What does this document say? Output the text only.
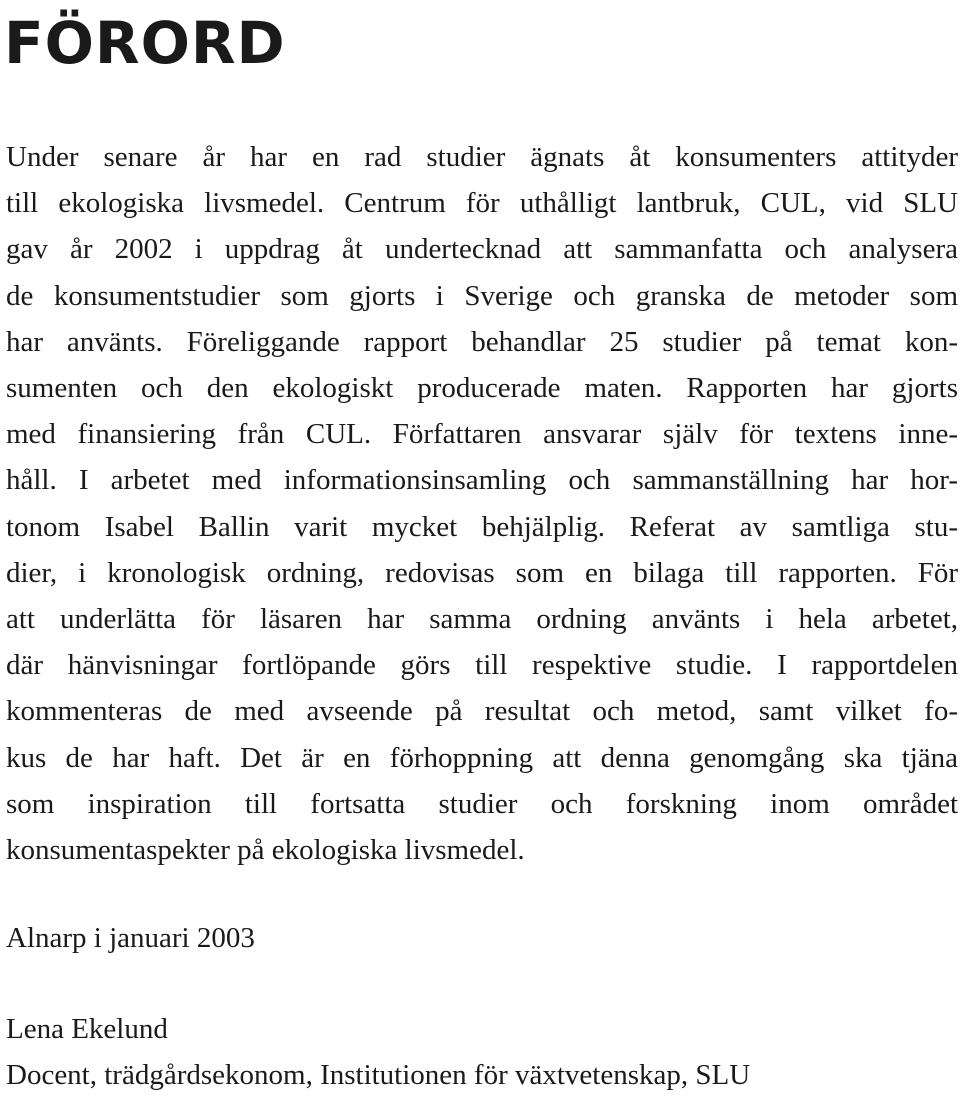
FÖRORD

Under senare år har en rad studier ägnats åt konsumenters attityder
till ekologiska livsmedel. Centrum för uthålligt lantbruk, CUL, vid SLU
gav år 2002 i uppdrag åt undertecknad att sammanfatta och analysera
de konsumentstudier som gjorts i Sverige och granska de metoder som
har använts. Föreliggande rapport behandlar 25 studier på temat kon-
sumenten och den ekologiskt producerade maten. Rapporten har gjorts
med finansiering från CUL. Författaren ansvarar själv för textens inne-
håll. I arbetet med informationsinsamling och sammanställning har hor-
tonom Isabel Ballin varit mycket behjälplig. Referat av samtliga stu-
dier, i kronologisk ordning, redovisas som en bilaga till rapporten. För
att underlätta för läsaren har samma ordning använts i hela arbetet,
där hänvisningar fortlöpande görs till respektive studie. I rapportdelen
kommenteras de med avseende på resultat och metod, samt vilket fo-
kus de har haft. Det är en förhoppning att denna genomgång ska tjäna
som inspiration till fortsatta studier och forskning inom området
konsumentaspekter på ekologiska livsmedel.

Alnarp i januari 2003

Lena Ekelund

Docent, trädgårdsekonom, Institutionen för växtvetenskap, SLU
